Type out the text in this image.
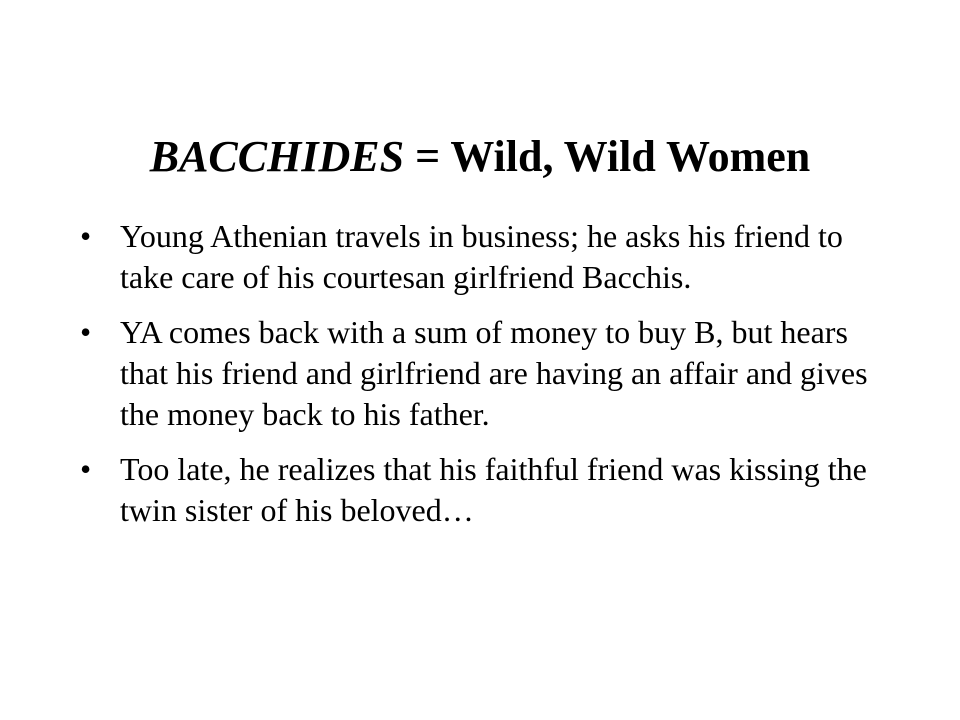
BACCHIDES = Wild, Wild Women
• Young Athenian travels in business; he asks his friend to take care of his courtesan girlfriend Bacchis.
• YA comes back with a sum of money to buy B, but hears that his friend and girlfriend are having an affair and gives the money back to his father.
• Too late, he realizes that his faithful friend was kissing the twin sister of his beloved…
